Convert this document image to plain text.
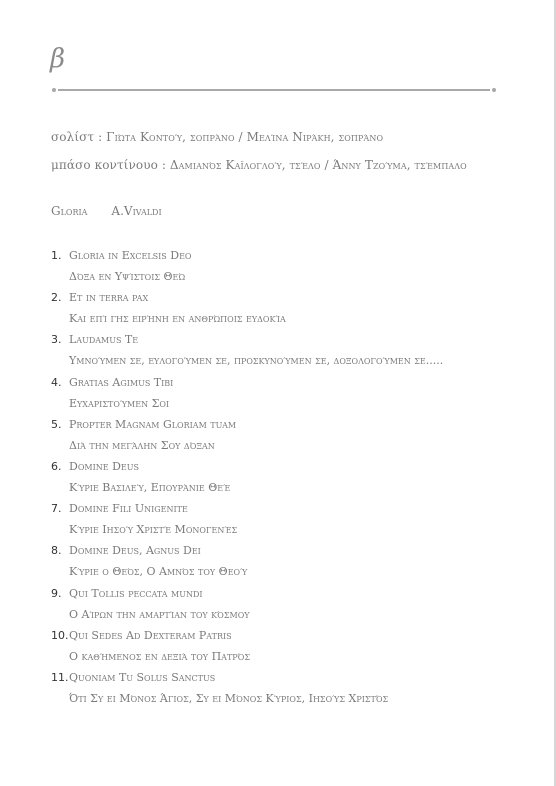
β
σολίστ : Γιώτα Κοντού, σοπράνο / Μελίνα Νιράκη, σοπράνο
μπάσο κοντίνουο : Δαμιανός Καϊλογλού, τσέλο / Άννυ Τζούμα, τσέμπαλο
Gloria A.Vivaldi
1. Gloria in Excelsis Deo
Δόξα εν Υψίστοις Θεώ
2. Et in terra pax
Και επί γης ειρήνη εν ανθρώποις ευδοκία
3. Laudamus Te
Υμνούμεν σε, ευλογούμεν σε, προσκυνούμεν σε, δοξολογούμεν σε.....
4. Gratias Agimus Tibi
Ευχαριστούμεν Σοι
5. Propter Magnam Gloriam tuam
Διά την μεγάλην Σου δόξαν
6. Domine Deus
Κύριε Βασιλεύ, Επουράνιε Θεέ
7. Domine Fili Unigenite
Κύριε Ιησού Χριστέ Μονογενές
8. Domine Deus, Agnus Dei
Κύριε ο Θεός, Ο Αμνός του Θεού
9. Qui Tollis peccata mundi
Ο Αίρων την αμαρτίαν του κόσμου
10. Qui Sedes Ad Dexteram Patris
Ο καθήμενος εν δεξιά του Πατρός
11. Quoniam Tu Solus Sanctus
Ότι Συ ει Μόνος Άγιος, Συ ει Μόνος Κύριος, Ιησούς Χριστός
